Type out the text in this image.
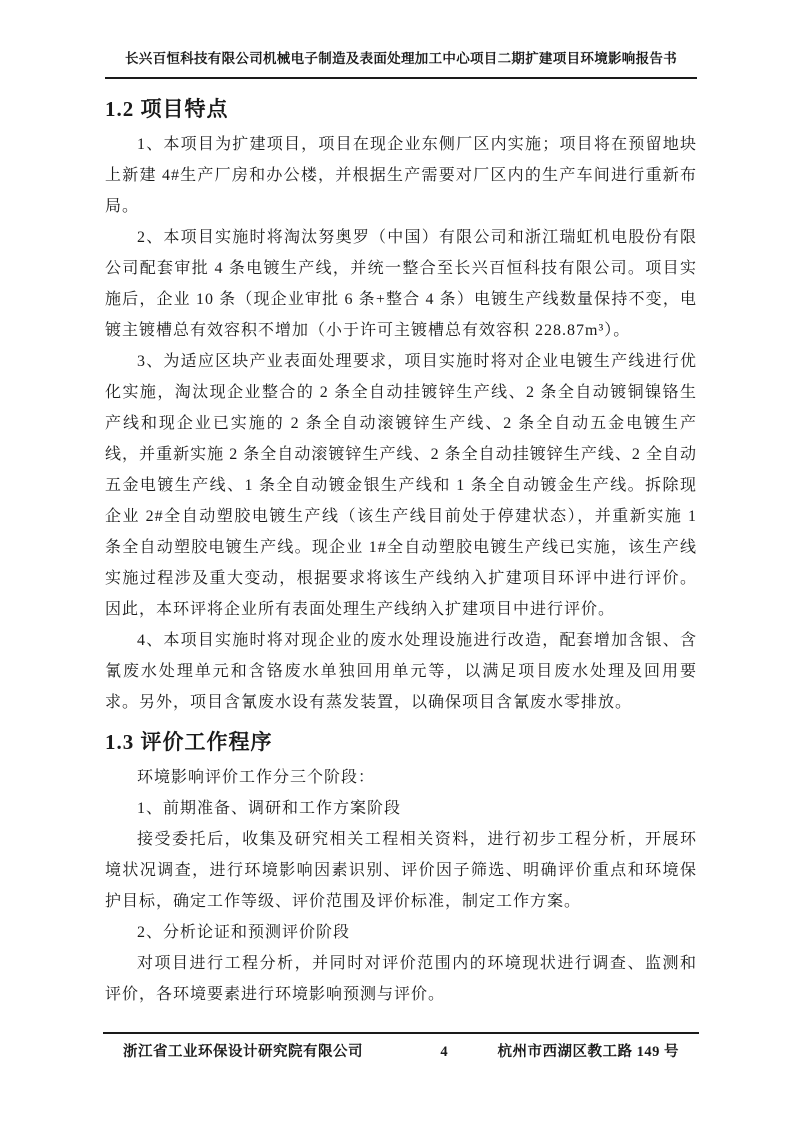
长兴百恒科技有限公司机械电子制造及表面处理加工中心项目二期扩建项目环境影响报告书
1.2 项目特点

1、本项目为扩建项目，项目在现企业东侧厂区内实施；项目将在预留地块上新建 4#生产厂房和办公楼，并根据生产需要对厂区内的生产车间进行重新布局。

2、本项目实施时将淘汰努奥罗（中国）有限公司和浙江瑞虹机电股份有限公司配套审批 4 条电镀生产线，并统一整合至长兴百恒科技有限公司。项目实施后，企业 10 条（现企业审批 6 条+整合 4 条）电镀生产线数量保持不变，电镀主镀槽总有效容积不增加（小于许可主镀槽总有效容积 228.87m³）。

3、为适应区块产业表面处理要求，项目实施时将对企业电镀生产线进行优化实施，淘汰现企业整合的 2 条全自动挂镀锌生产线、2 条全自动镀铜镍铬生产线和现企业已实施的 2 条全自动滚镀锌生产线、2 条全自动五金电镀生产线，并重新实施 2 条全自动滚镀锌生产线、2 条全自动挂镀锌生产线、2 全自动五金电镀生产线、1 条全自动镀金银生产线和 1 条全自动镀金生产线。拆除现企业 2#全自动塑胶电镀生产线（该生产线目前处于停建状态），并重新实施 1 条全自动塑胶电镀生产线。现企业 1#全自动塑胶电镀生产线已实施，该生产线实施过程涉及重大变动，根据要求将该生产线纳入扩建项目环评中进行评价。因此，本环评将企业所有表面处理生产线纳入扩建项目中进行评价。

4、本项目实施时将对现企业的废水处理设施进行改造，配套增加含银、含氰废水处理单元和含铬废水单独回用单元等，以满足项目废水处理及回用要求。另外，项目含氰废水设有蒸发装置，以确保项目含氰废水零排放。

1.3 评价工作程序

环境影响评价工作分三个阶段：

1、前期准备、调研和工作方案阶段

接受委托后，收集及研究相关工程相关资料，进行初步工程分析，开展环境状况调查，进行环境影响因素识别、评价因子筛选、明确评价重点和环境保护目标，确定工作等级、评价范围及评价标准，制定工作方案。

2、分析论证和预测评价阶段

对项目进行工程分析，并同时对评价范围内的环境现状进行调查、监测和评价，各环境要素进行环境影响预测与评价。

浙江省工业环保设计研究院有限公司	4	杭州市西湖区教工路 149 号
